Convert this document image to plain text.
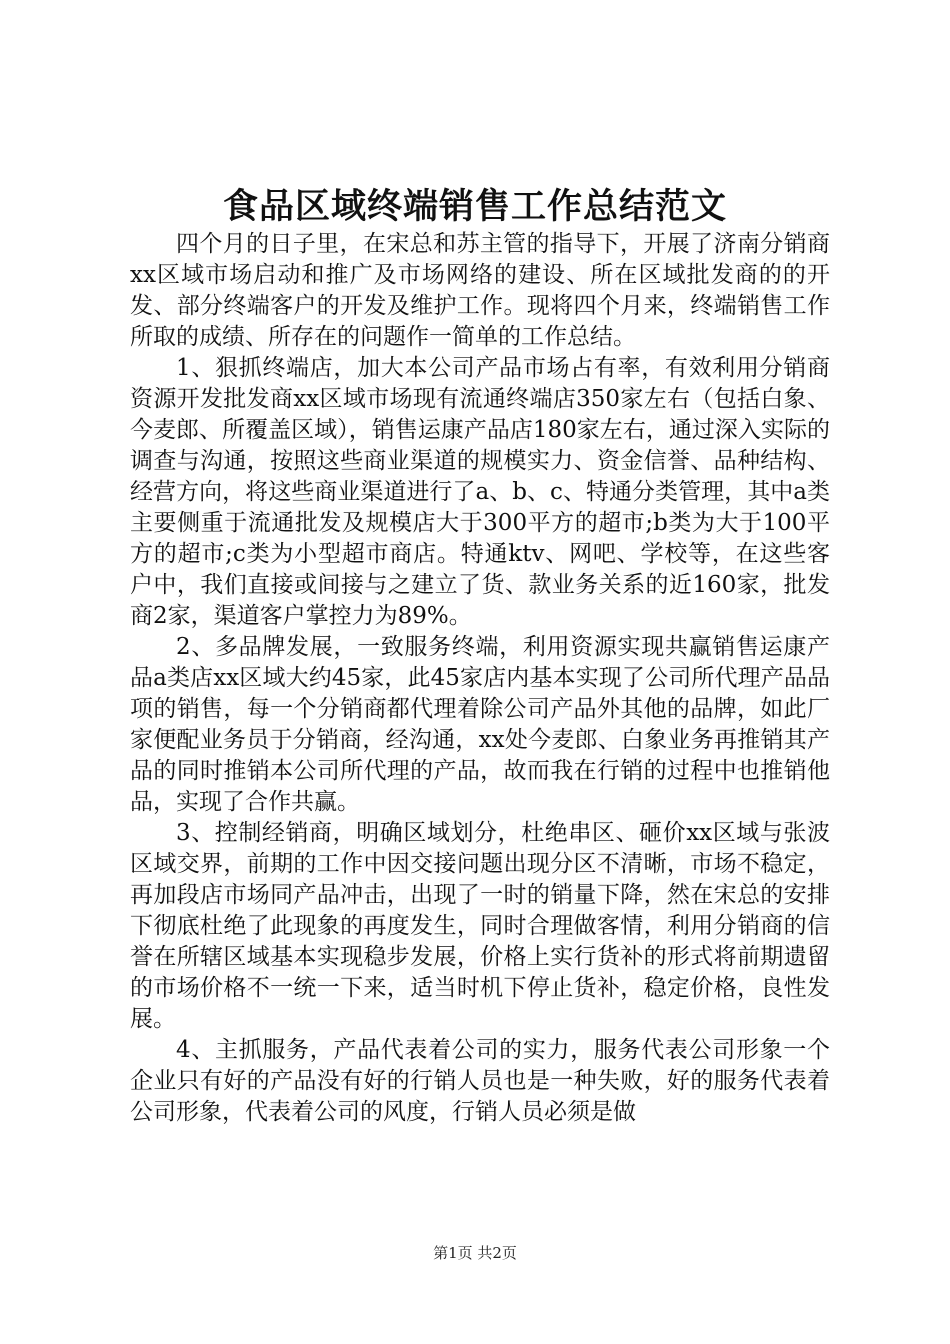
食品区域终端销售工作总结范文

四个月的日子里，在宋总和苏主管的指导下，开展了济南分销商xx区域市场启动和推广及市场网络的建设、所在区域批发商的的开发、部分终端客户的开发及维护工作。现将四个月来，终端销售工作所取的成绩、所存在的问题作一简单的工作总结。

1、狠抓终端店，加大本公司产品市场占有率，有效利用分销商资源开发批发商xx区域市场现有流通终端店350家左右（包括白象、今麦郎、所覆盖区域），销售运康产品店180家左右，通过深入实际的调查与沟通，按照这些商业渠道的规模实力、资金信誉、品种结构、经营方向，将这些商业渠道进行了a、b、c、特通分类管理，其中a类主要侧重于流通批发及规模店大于300平方的超市;b类为大于100平方的超市;c类为小型超市商店。特通ktv、网吧、学校等，在这些客户中，我们直接或间接与之建立了货、款业务关系的近160家，批发商2家，渠道客户掌控力为89%。

2、多品牌发展，一致服务终端，利用资源实现共赢销售运康产品a类店xx区域大约45家，此45家店内基本实现了公司所代理产品品项的销售，每一个分销商都代理着除公司产品外其他的品牌，如此厂家便配业务员于分销商，经沟通，xx处今麦郎、白象业务再推销其产品的同时推销本公司所代理的产品，故而我在行销的过程中也推销他品，实现了合作共赢。

3、控制经销商，明确区域划分，杜绝串区、砸价xx区域与张波区域交界，前期的工作中因交接问题出现分区不清晰，市场不稳定，再加段店市场同产品冲击，出现了一时的销量下降，然在宋总的安排下彻底杜绝了此现象的再度发生，同时合理做客情，利用分销商的信誉在所辖区域基本实现稳步发展，价格上实行货补的形式将前期遗留的市场价格不一统一下来，适当时机下停止货补，稳定价格，良性发展。

4、主抓服务，产品代表着公司的实力，服务代表公司形象一个企业只有好的产品没有好的行销人员也是一种失败，好的服务代表着公司形象，代表着公司的风度，行销人员必须是做

第1页 共2页
